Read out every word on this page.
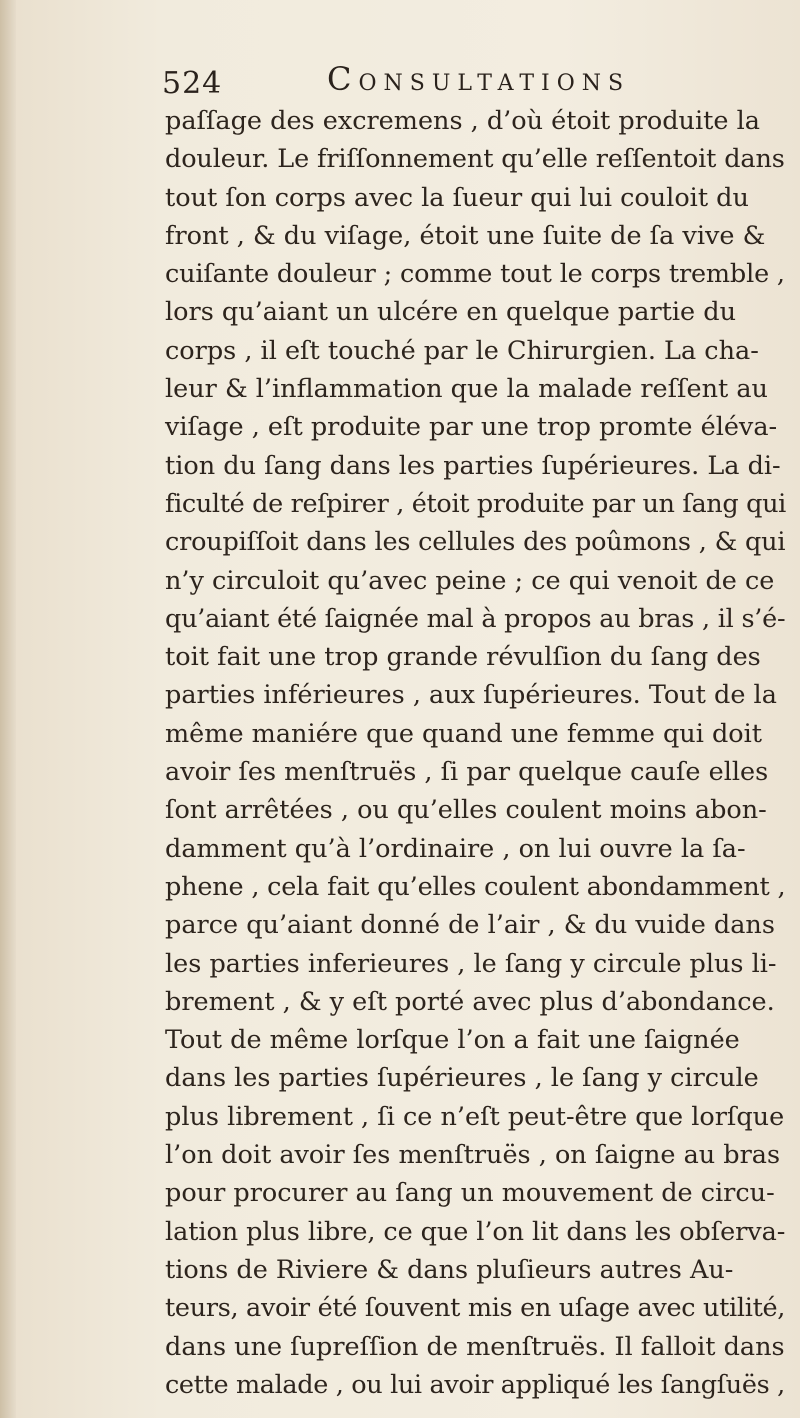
524	Consultations
paſſage des excremens , d’où étoit produite la
douleur. Le friſſonnement qu’elle reſſentoit dans
tout ſon corps avec la ſueur qui lui couloit du
front , & du viſage, étoit une ſuite de ſa vive &
cuiſante douleur ; comme tout le corps tremble ,
lors qu’aiant un ulcére en quelque partie du
corps , il eſt touché par le Chirurgien. La cha-
leur & l’inflammation que la malade reſſent au
viſage , eſt produite par une trop promte éléva-
tion du ſang dans les parties ſupérieures. La di-
ficulté de reſpirer , étoit produite par un ſang qui
croupiſſoit dans les cellules des poûmons , & qui
n’y circuloit qu’avec peine ; ce qui venoit de ce
qu’aiant été ſaignée mal à propos au bras , il s’é-
toit fait une trop grande révulſion du ſang des
parties inférieures , aux ſupérieures. Tout de la
même maniére que quand une femme qui doit
avoir ſes menſtruës , ſi par quelque cauſe elles
ſont arrêtées , ou qu’elles coulent moins abon-
damment qu’à l’ordinaire , on lui ouvre la ſa-
phene , cela fait qu’elles coulent abondamment ,
parce qu’aiant donné de l’air , & du vuide dans
les parties inferieures , le ſang y circule plus li-
brement , & y eſt porté avec plus d’abondance.
Tout de même lorſque l’on a fait une ſaignée
dans les parties ſupérieures , le ſang y circule
plus librement , ſi ce n’eſt peut-être que lorſque
l’on doit avoir ſes menſtruës , on ſaigne au bras
pour procurer au ſang un mouvement de circu-
lation plus libre, ce que l’on lit dans les obſerva-
tions de Riviere & dans pluſieurs autres Au-
teurs, avoir été ſouvent mis en uſage avec utilité,
dans une ſupreſſion de menſtruës. Il falloit dans
cette malade , ou lui avoir appliqué les ſangſuës ,
